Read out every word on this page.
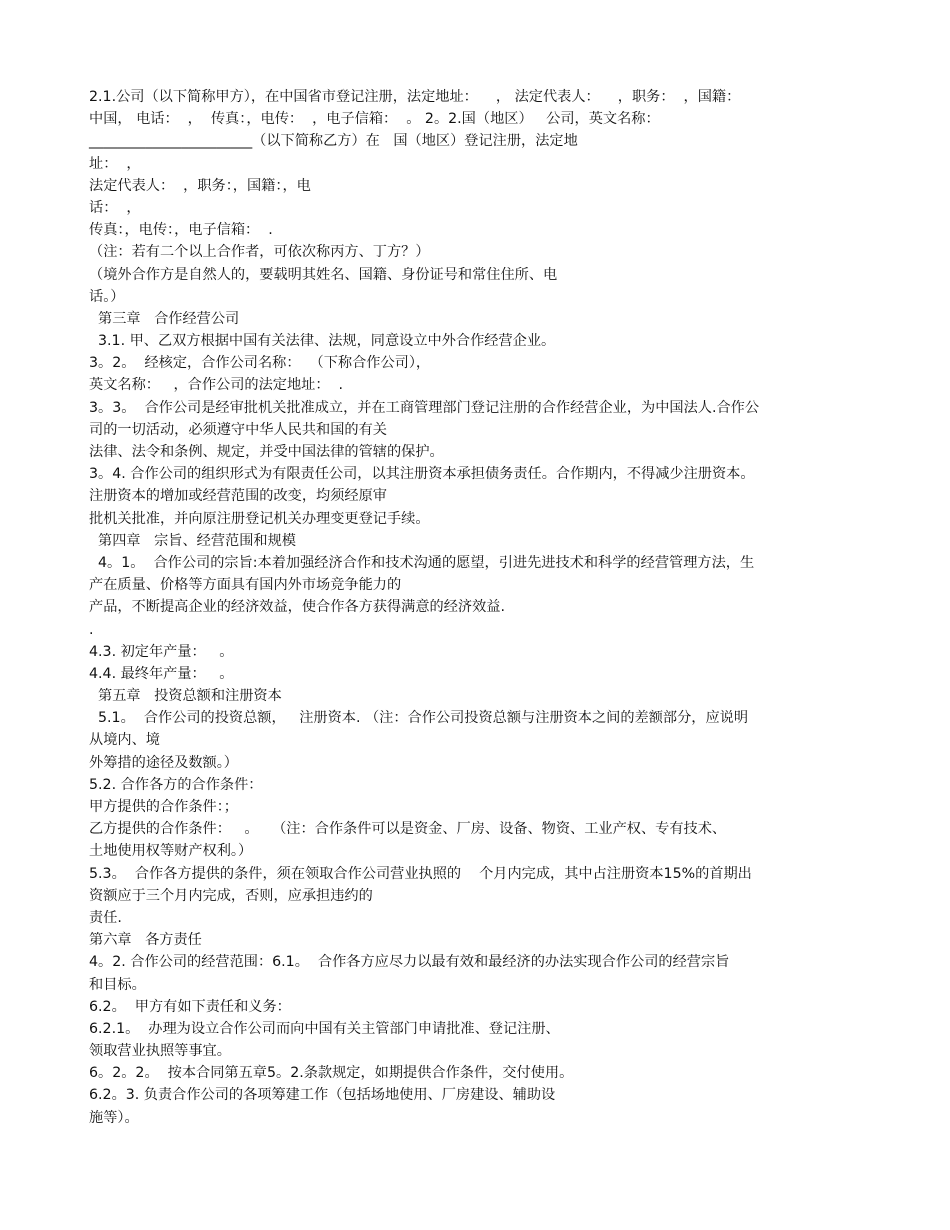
2.1.公司（以下简称甲方），在中国省市登记注册，法定地址：    ， 法定代表人：    ，职务：  ，国籍：
中国， 电话：  ，  传真：，电传：  ，电子信箱：  。 2。2.国（地区）   公司，英文名称：
_______________________（以下简称乙方）在   国（地区）登记注册，法定地
址：  ，
法定代表人：  ，职务：，国籍：，电
话：  ，
传真：，电传：，电子信箱：  .
（注：若有二个以上合作者，可依次称丙方、丁方？）
（境外合作方是自然人的，要载明其姓名、国籍、身份证号和常住住所、电
话。）
第三章   合作经营公司
3.1. 甲、乙双方根据中国有关法律、法规，同意设立中外合作经营企业。
3。2。  经核定，合作公司名称：  （下称合作公司），
英文名称：   ，合作公司的法定地址：  .
3。3。  合作公司是经审批机关批准成立，并在工商管理部门登记注册的合作经营企业，为中国法人.合作公
司的一切活动，必须遵守中华人民共和国的有关
法律、法令和条例、规定，并受中国法律的管辖的保护。
3。4. 合作公司的组织形式为有限责任公司，以其注册资本承担债务责任。合作期内，不得减少注册资本。
注册资本的增加或经营范围的改变，均须经原审
批机关批准，并向原注册登记机关办理变更登记手续。
第四章   宗旨、经营范围和规模
4。1。  合作公司的宗旨:本着加强经济合作和技术沟通的愿望，引进先进技术和科学的经营管理方法，生
产在质量、价格等方面具有国内外市场竞争能力的
产品，不断提高企业的经济效益，使合作各方获得满意的经济效益.
.
4.3. 初定年产量：   。
4.4. 最终年产量：   。
第五章   投资总额和注册资本
5.1。  合作公司的投资总额，   注册资本. （注：合作公司投资总额与注册资本之间的差额部分，应说明
从境内、境
外筹措的途径及数额。）
5.2. 合作各方的合作条件：
甲方提供的合作条件：；
乙方提供的合作条件：   。   （注：合作条件可以是资金、厂房、设备、物资、工业产权、专有技术、
土地使用权等财产权利。）
5.3。  合作各方提供的条件，须在领取合作公司营业执照的    个月内完成，其中占注册资本15%的首期出
资额应于三个月内完成，否则，应承担违约的
责任.
第六章   各方责任
4。2. 合作公司的经营范围：6.1。  合作各方应尽力以最有效和最经济的办法实现合作公司的经营宗旨
和目标。
6.2。  甲方有如下责任和义务：
6.2.1。  办理为设立合作公司而向中国有关主管部门申请批准、登记注册、
领取营业执照等事宜。
6。2。2。  按本合同第五章5。2.条款规定，如期提供合作条件，交付使用。
6.2。3. 负责合作公司的各项筹建工作（包括场地使用、厂房建设、辅助设
施等）。
